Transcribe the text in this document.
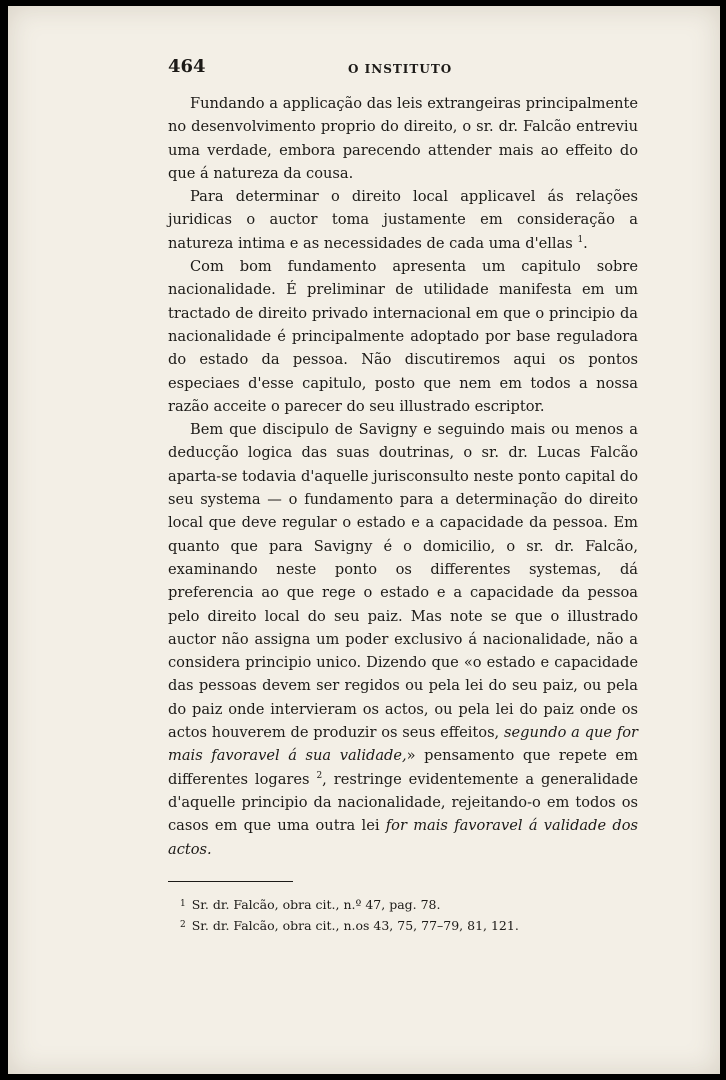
464	O INSTITUTO

Fundando a applicação das leis extrangeiras principalmente no desenvolvimento proprio do direito, o sr. dr. Falcão entreviu uma verdade, embora parecendo attender mais ao effeito do que á natureza da cousa.

Para determinar o direito local applicavel ás relações juridicas o auctor toma justamente em consideração a natureza intima e as necessidades de cada uma d'ellas $^1$.

Com bom fundamento apresenta um capitulo sobre nacionalidade. É preliminar de utilidade manifesta em um tractado de direito privado internacional em que o principio da nacionalidade é principalmente adoptado por base reguladora do estado da pessoa. Não discutiremos aqui os pontos especiaes d'esse capitulo, posto que nem em todos a nossa razão acceite o parecer do seu illustrado escriptor.

Bem que discipulo de Savigny e seguindo mais ou menos a deducção logica das suas doutrinas, o sr. dr. Lucas Falcão aparta-se todavia d'aquelle jurisconsulto neste ponto capital do seu systema — o fundamento para a determinação do direito local que deve regular o estado e a capacidade da pessoa. Em quanto que para Savigny é o domicilio, o sr. dr. Falcão, examinando neste ponto os differentes systemas, dá preferencia ao que rege o estado e a capacidade da pessoa pelo direito local do seu paiz. Mas note se que o illustrado auctor não assigna um poder exclusivo á nacionalidade, não a considera principio unico. Dizendo que «o estado e capacidade das pessoas devem ser regidos ou pela lei do seu paiz, ou pela do paiz onde intervieram os actos, ou pela lei do paiz onde os actos houverem de produzir os seus effeitos, segundo a que for mais favoravel á sua validade,» pensamento que repete em differentes logares $^2$, restringe evidentemente a generalidade d'aquelle principio da nacionalidade, rejeitando-o em todos os casos em que uma outra lei for mais favoravel á validade dos actos.

$^1$ Sr. dr. Falcão, obra cit., n.º 47, pag. 78.
$^2$ Sr. dr. Falcão, obra cit., n.os 43, 75, 77–79, 81, 121.
